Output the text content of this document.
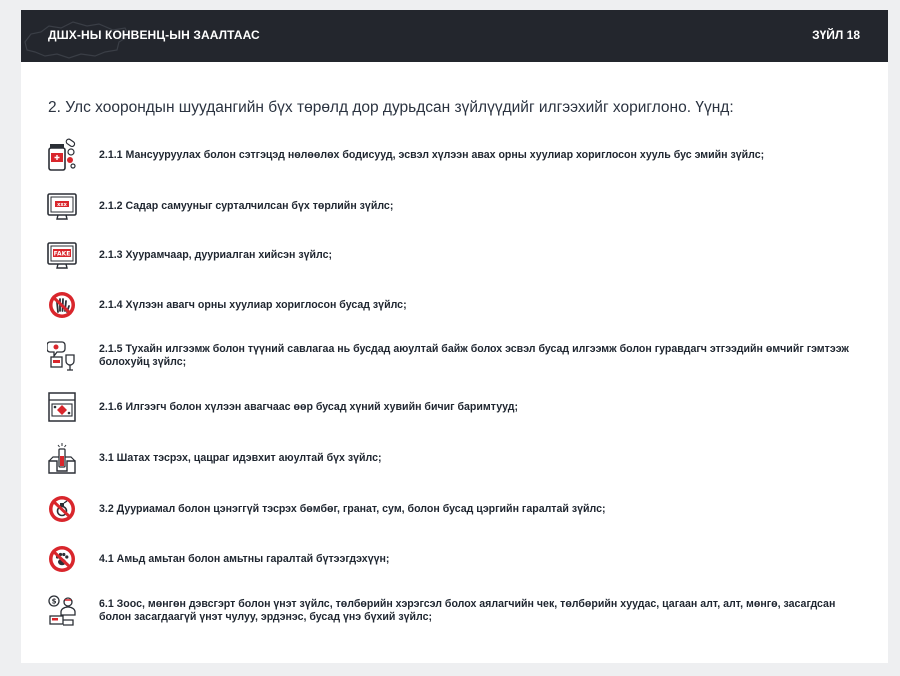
ДШХ-НЫ КОНВЕНЦ-ЫН ЗААЛТААС	ЗҮЙЛ 18
2. Улс хоорондын шуудангийн бүх төрөлд дор дурьдсан зүйлүүдийг илгээхийг хориглоно. Үүнд:
2.1.1 Мансууруулах болон сэтгэцэд нөлөөлөх бодисууд, эсвэл хүлээн авах орны хуулиар хориглосон хууль бус эмийн зүйлс;
xxx	2.1.2 Садар самууныг сурталчилсан бүх төрлийн зүйлс;
FAKE	2.1.3 Хуурамчаар, дууриалган хийсэн зүйлс;
2.1.4 Хүлээн авагч орны хуулиар хориглосон бусад зүйлс;
2.1.5 Тухайн илгээмж болон түүний савлагаа нь бусдад аюултай байж болох эсвэл бусад илгээмж болон гуравдагч этгээдийн өмчийг гэмтээж болохуйц зүйлс;
2.1.6 Илгээгч болон хүлээн авагчаас өөр бусад хүний хувийн бичиг баримтууд;
3.1 Шатах тэсрэх, цацраг идэвхит аюултай бүх зүйлс;
3.2 Дууриамал болон цэнэггүй тэсрэх бөмбөг, гранат, сум, болон бусад цэргийн гаралтай зүйлс;
4.1 Амьд амьтан болон амьтны гаралтай бүтээгдэхүүн;
$	6.1 Зоос, мөнгөн дэвсгэрт болон үнэт зүйлс, төлбөрийн хэрэгсэл болох аялагчийн чек, төлбөрийн хуудас, цагаан алт, алт, мөнгө, засагдсан болон засагдаагүй үнэт чулуу, эрдэнэс, бусад үнэ бүхий зүйлс;
